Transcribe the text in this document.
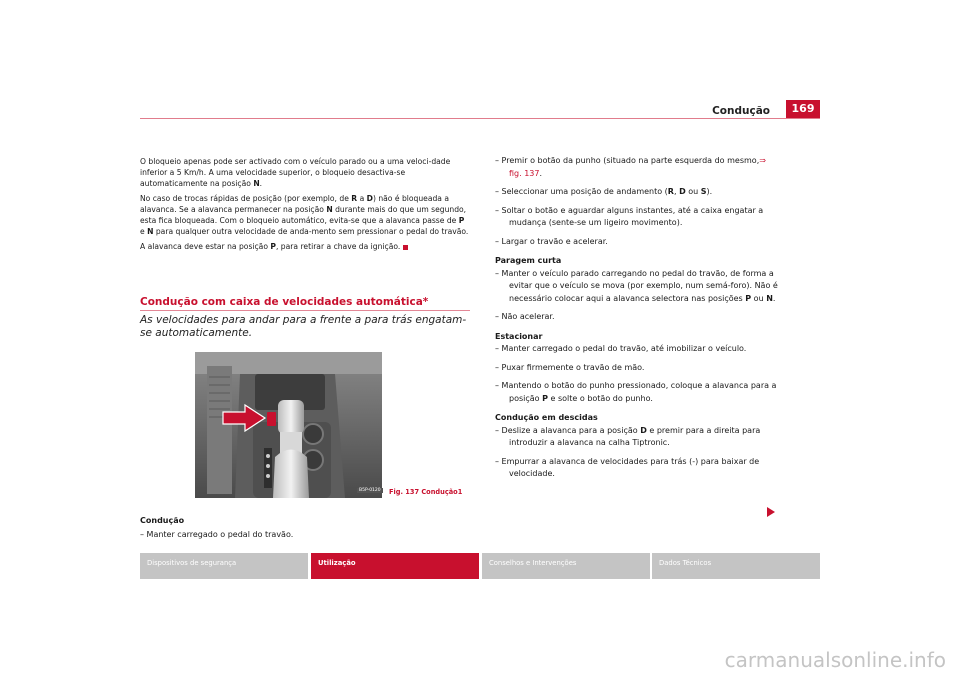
Condução	169

O bloqueio apenas pode ser activado com o veículo parado ou a uma veloci-dade inferior a 5 Km/h. A uma velocidade superior, o bloqueio desactiva-se automaticamente na posição N.

No caso de trocas rápidas de posição (por exemplo, de R a D) não é bloqueada a alavanca. Se a alavanca permanecer na posição N durante mais do que um segundo, esta fica bloqueada. Com o bloqueio automático, evita-se que a alavanca passe de P e N para qualquer outra velocidade de anda-mento sem pressionar o pedal do travão.

A alavanca deve estar na posição P, para retirar a chave da ignição.

Condução com caixa de velocidades automática*
As velocidades para andar para a frente a para trás engatam-se automaticamente.
B5P-0120	Fig. 137 Condução1
Condução
– Manter carregado o pedal do travão.

– Premir o botão da punho (situado na parte esquerda do mesmo,⇒ fig. 137.

– Seleccionar uma posição de andamento (R, D ou S).

– Soltar o botão e aguardar alguns instantes, até a caixa engatar a mudança (sente-se um ligeiro movimento).

– Largar o travão e acelerar.

Paragem curta

– Manter o veículo parado carregando no pedal do travão, de forma a evitar que o veículo se mova (por exemplo, num semá-foro). Não é necessário colocar aqui a alavanca selectora nas posições P ou N.

– Não acelerar.

Estacionar

– Manter carregado o pedal do travão, até imobilizar o veículo.

– Puxar firmemente o travão de mão.

– Mantendo o botão do punho pressionado, coloque a alavanca para a posição P e solte o botão do punho.

Condução em descidas

– Deslize a alavanca para a posição D e premir para a direita para introduzir a alavanca na calha Tiptronic.

– Empurrar a alavanca de velocidades para trás (-) para baixar de velocidade.

Dispositivos de segurança	Utilização	Conselhos e Intervenções	Dados Técnicos
carmanualsonline.info
